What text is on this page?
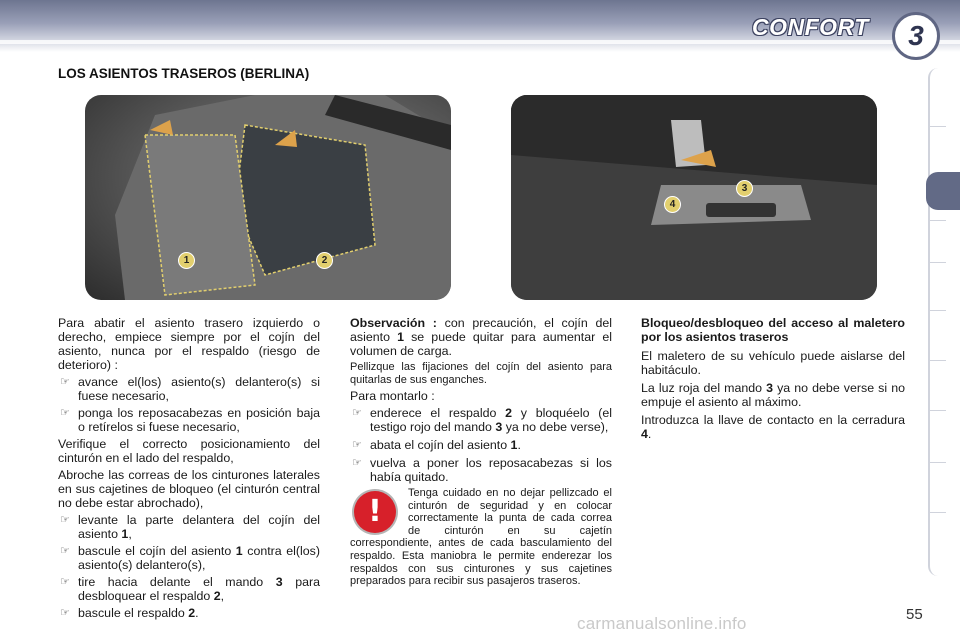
CONFORT 3
LOS ASIENTOS TRASEROS (BERLINA)
1	2
3
4

Para abatir el asiento trasero izquierdo o derecho, empiece siempre por el cojín del asiento, nunca por el respaldo (riesgo de deterioro) :

☞ avance el(los) asiento(s) delantero(s) si fuese necesario,
☞ ponga los reposacabezas en posición baja o retírelos si fuese necesario,

Verifique el correcto posicionamiento del cinturón en el lado del respaldo,

Abroche las correas de los cinturones laterales en sus cajetines de bloqueo (el cinturón central no debe estar abrochado),

☞ levante la parte delantera del cojín del asiento 1,
☞ bascule el cojín del asiento 1 contra el(los) asiento(s) delantero(s),
☞ tire hacia delante el mando 3 para desbloquear el respaldo 2,
☞ bascule el respaldo 2.

Observación : con precaución, el cojín del asiento 1 se puede quitar para aumentar el volumen de carga.

Pellizque las fijaciones del cojín del asiento para quitarlas de sus enganches.

Para montarlo :

☞ enderece el respaldo 2 y bloquéelo (el testigo rojo del mando 3 ya no debe verse),
☞ abata el cojín del asiento 1.
☞ vuelva a poner los reposacabezas si los había quitado.
!
Tenga cuidado en no dejar pellizcado el cinturón de seguridad y en colocar correctamente la punta de cada correa de cinturón en su cajetín correspondiente, antes de cada basculamiento del respaldo. Esta maniobra le permite enderezar los respaldos con sus cinturones y sus cajetines preparados para recibir sus pasajeros traseros.

Bloqueo/desbloqueo del acceso al maletero por los asientos traseros

El maletero de su vehículo puede aislarse del habitáculo.

La luz roja del mando 3 ya no debe verse si no empuje el asiento al máximo.

Introduzca la llave de contacto en la cerradura 4.

carmanualsonline.info	55
